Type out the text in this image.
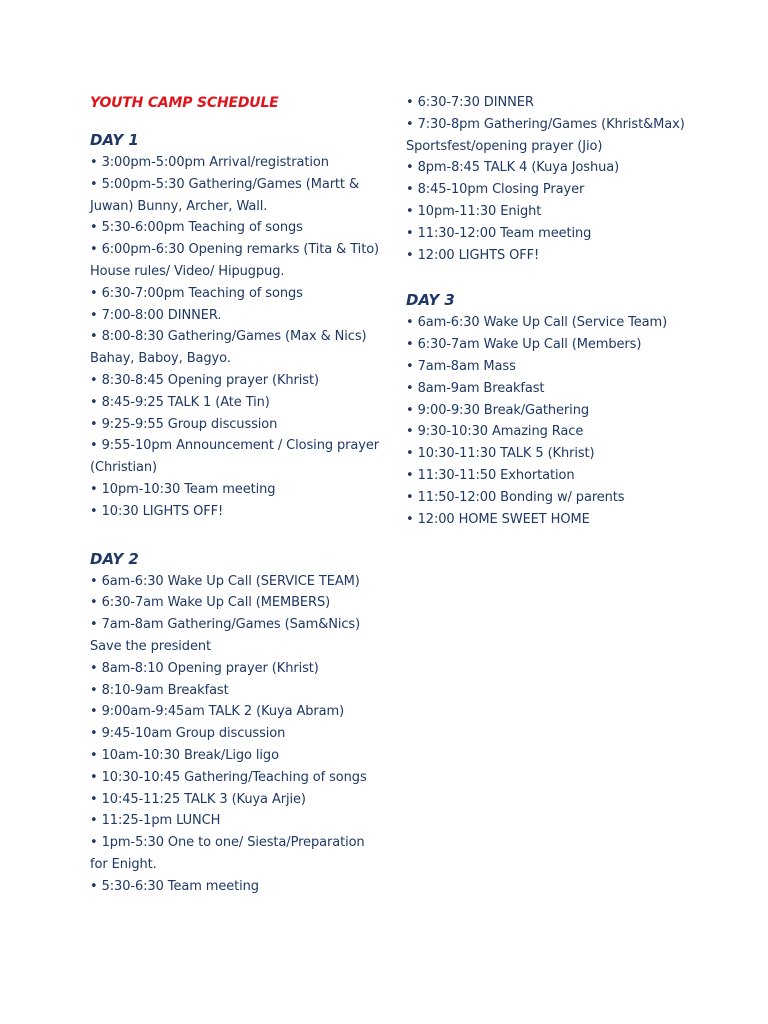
YOUTH CAMP SCHEDULE
DAY 1
• 3:00pm-5:00pm Arrival/registration
• 5:00pm-5:30 Gathering/Games (Martt & Juwan) Bunny, Archer, Wall.
• 5:30-6:00pm Teaching of songs
• 6:00pm-6:30 Opening remarks (Tita & Tito) House rules/ Video/ Hipugpug.
• 6:30-7:00pm Teaching of songs
• 7:00-8:00 DINNER.
• 8:00-8:30 Gathering/Games (Max & Nics) Bahay, Baboy, Bagyo.
• 8:30-8:45 Opening prayer (Khrist)
• 8:45-9:25 TALK 1 (Ate Tin)
• 9:25-9:55 Group discussion
• 9:55-10pm Announcement / Closing prayer (Christian)
• 10pm-10:30 Team meeting
• 10:30 LIGHTS OFF!
DAY 2
• 6am-6:30 Wake Up Call (SERVICE TEAM)
• 6:30-7am Wake Up Call (MEMBERS)
• 7am-8am Gathering/Games (Sam&Nics) Save the president
• 8am-8:10 Opening prayer (Khrist)
• 8:10-9am Breakfast
• 9:00am-9:45am TALK 2 (Kuya Abram)
• 9:45-10am Group discussion
• 10am-10:30 Break/Ligo ligo
• 10:30-10:45 Gathering/Teaching of songs
• 10:45-11:25 TALK 3 (Kuya Arjie)
• 11:25-1pm LUNCH
• 1pm-5:30 One to one/ Siesta/Preparation for Enight.
• 5:30-6:30 Team meeting
• 6:30-7:30 DINNER
• 7:30-8pm Gathering/Games (Khrist&Max) Sportsfest/opening prayer (Jio)
• 8pm-8:45 TALK 4 (Kuya Joshua)
• 8:45-10pm Closing Prayer
• 10pm-11:30 Enight
• 11:30-12:00 Team meeting
• 12:00 LIGHTS OFF!
DAY 3
• 6am-6:30 Wake Up Call (Service Team)
• 6:30-7am Wake Up Call (Members)
• 7am-8am Mass
• 8am-9am Breakfast
• 9:00-9:30 Break/Gathering
• 9:30-10:30 Amazing Race
• 10:30-11:30 TALK 5 (Khrist)
• 11:30-11:50 Exhortation
• 11:50-12:00 Bonding w/ parents
• 12:00 HOME SWEET HOME
